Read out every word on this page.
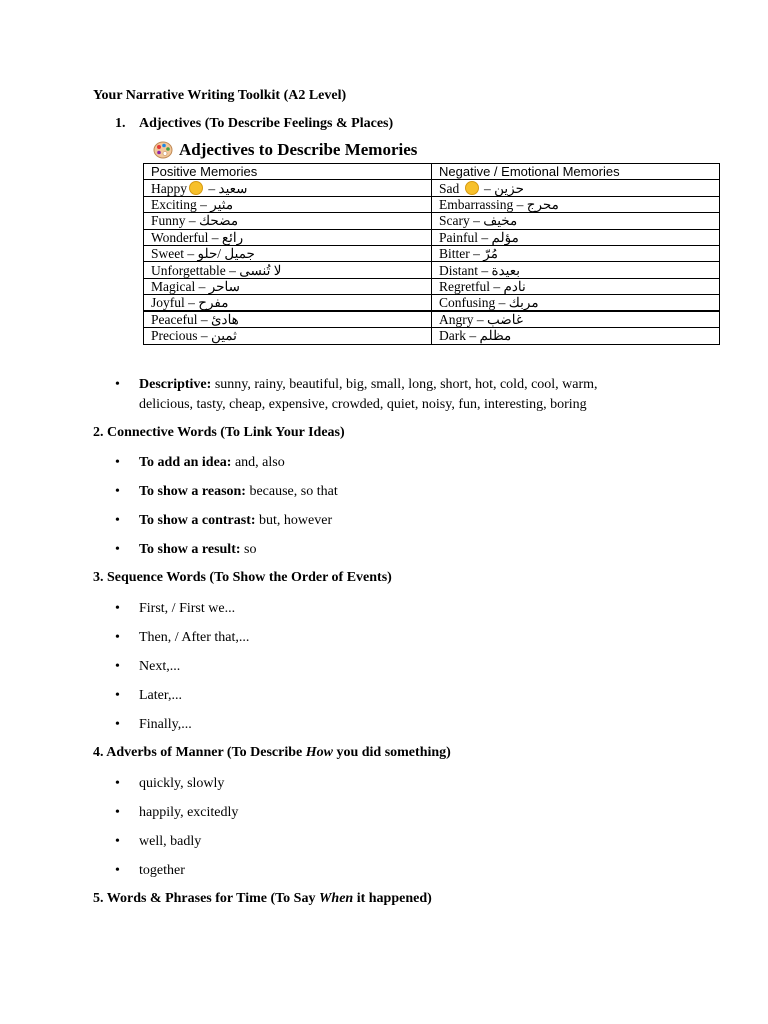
Your Narrative Writing Toolkit (A2 Level)
1. Adjectives (To Describe Feelings & Places)
Adjectives to Describe Memories
Positive Memories	Negative / Emotional Memories
Happy – سعيد	Sad  – حزين
Exciting – مثير	Embarrassing – محرج
Funny – مضحك	Scary – مخيف
Wonderful – رائع	Painful – مؤلم
Sweet – جميل /حلو	Bitter – مُرّ
Unforgettable – لا تُنسى	Distant – بعيدة
Magical – ساحر	Regretful – نادم
Joyful – مفرح	Confusing – مربك
Peaceful – هادئ	Angry – غاضب
Precious – ثمين	Dark – مظلم
• Descriptive: sunny, rainy, beautiful, big, small, long, short, hot, cold, cool, warm,
delicious, tasty, cheap, expensive, crowded, quiet, noisy, fun, interesting, boring
2. Connective Words (To Link Your Ideas)
• To add an idea: and, also
• To show a reason: because, so that
• To show a contrast: but, however
• To show a result: so
3. Sequence Words (To Show the Order of Events)
• First, / First we...
• Then, / After that,...
• Next,...
• Later,...
• Finally,...
4. Adverbs of Manner (To Describe How you did something)
• quickly, slowly
• happily, excitedly
• well, badly
• together
5. Words & Phrases for Time (To Say When it happened)
